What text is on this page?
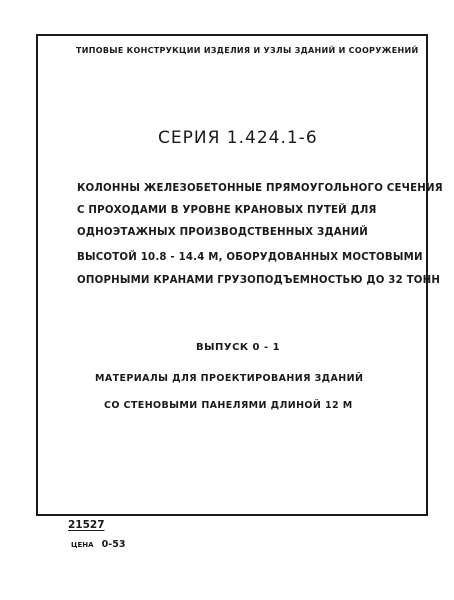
ТИПОВЫЕ КОНСТРУКЦИИ ИЗДЕЛИЯ И УЗЛЫ ЗДАНИЙ И СООРУЖЕНИЙ
СЕРИЯ 1.424.1-6
КОЛОННЫ ЖЕЛЕЗОБЕТОННЫЕ ПРЯМОУГОЛЬНОГО СЕЧЕНИЯ
С ПРОХОДАМИ В УРОВНЕ КРАНОВЫХ ПУТЕЙ ДЛЯ
ОДНОЭТАЖНЫХ ПРОИЗВОДСТВЕННЫХ ЗДАНИЙ
ВЫСОТОЙ 10.8 - 14.4 М, ОБОРУДОВАННЫХ МОСТОВЫМИ
ОПОРНЫМИ КРАНАМИ ГРУЗОПОДЪЕМНОСТЬЮ ДО 32 ТОНН
ВЫПУСК 0 - 1
МАТЕРИАЛЫ ДЛЯ ПРОЕКТИРОВАНИЯ ЗДАНИЙ
СО СТЕНОВЫМИ ПАНЕЛЯМИ ДЛИНОЙ 12 М
21527
ЦЕНА 0-53
